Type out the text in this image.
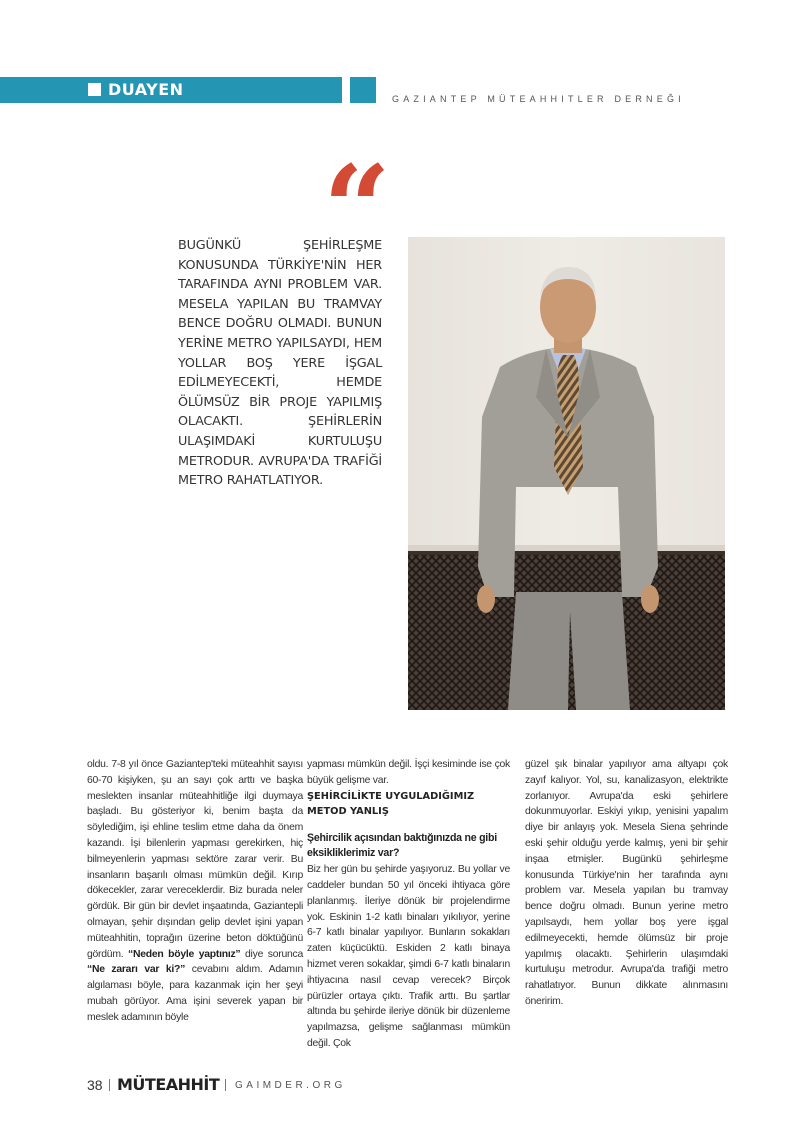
DUAYEN	GAZIANTEP MÜTEAHHITLER DERNEĞI
“
BUGÜNKÜ ŞEHİRLEŞME KONUSUNDA TÜRKİYE'NİN HER TARAFINDA AYNI PROBLEM VAR. MESELA YAPILAN BU TRAMVAY BENCE DOĞRU OLMADI. BUNUN YERİNE METRO YAPILSAYDI, HEM YOLLAR BOŞ YERE İŞGAL EDİLMEYECEKTİ, HEMDE ÖLÜMSÜZ BİR PROJE YAPILMIŞ OLACAKTI. ŞEHİRLERİN ULAŞIMDAKİ KURTULUŞU METRODUR. AVRUPA'DA TRAFİĞİ METRO RAHATLATIYOR.

oldu. 7-8 yıl önce Gaziantep'teki müteahhit sayısı 60-70 kişiyken, şu an sayı çok arttı ve başka meslekten insanlar müteahhitliğe ilgi duymaya başladı. Bu gösteriyor ki, benim başta da söylediğim, işi ehline teslim etme daha da önem kazandı. İşi bilenlerin yapması gerekirken, hiç bilmeyenlerin yapması sektöre zarar verir. Bu insanların başarılı olması mümkün değil. Kırıp dökecekler, zarar vereceklerdir. Biz burada neler gördük. Bir gün bir devlet inşaatında, Gaziantepli olmayan, şehir dışından gelip devlet işini yapan müteahhitin, toprağın üzerine beton döktüğünü gördüm. “Neden böyle yaptınız” diye sorunca “Ne zararı var ki?” cevabını aldım. Adamın algılaması böyle, para kazanmak için her şeyi mubah görüyor. Ama işini severek yapan bir meslek adamının böyle

yapması mümkün değil. İşçi kesiminde ise çok büyük gelişme var.

ŞEHİRCİLİKTE UYGULADIĞIMIZ METOD YANLIŞ

Şehircilik açısından baktığınızda ne gibi eksikliklerimiz var?

Biz her gün bu şehirde yaşıyoruz. Bu yollar ve caddeler bundan 50 yıl önceki ihtiyaca göre planlanmış. İleriye dönük bir projelendirme yok. Eskinin 1-2 katlı binaları yıkılıyor, yerine 6-7 katlı binalar yapılıyor. Bunların sokakları zaten küçücüktü. Eskiden 2 katlı binaya hizmet veren sokaklar, şimdi 6-7 katlı binaların ihtiyacına nasıl cevap verecek? Birçok pürüzler ortaya çıktı. Trafik arttı. Bu şartlar altında bu şehirde ileriye dönük bir düzenleme yapılmazsa, gelişme sağlanması mümkün değil. Çok

güzel şık binalar yapılıyor ama altyapı çok zayıf kalıyor. Yol, su, kanalizasyon, elektrikte zorlanıyor. Avrupa'da eski şehirlere dokunmuyorlar. Eskiyi yıkıp, yenisini yapalım diye bir anlayış yok. Mesela Siena şehrinde eski şehir olduğu yerde kalmış, yeni bir şehir inşaa etmişler. Bugünkü şehirleşme konusunda Türkiye'nin her tarafında aynı problem var. Mesela yapılan bu tramvay bence doğru olmadı. Bunun yerine metro yapılsaydı, hem yollar boş yere işgal edilmeyecekti, hemde ölümsüz bir proje yapılmış olacaktı. Şehirlerin ulaşımdaki kurtuluşu metrodur. Avrupa'da trafiği metro rahatlatıyor. Bunun dikkate alınmasını öneririm.

38 MÜTEAHHİT GAIMDER.ORG
